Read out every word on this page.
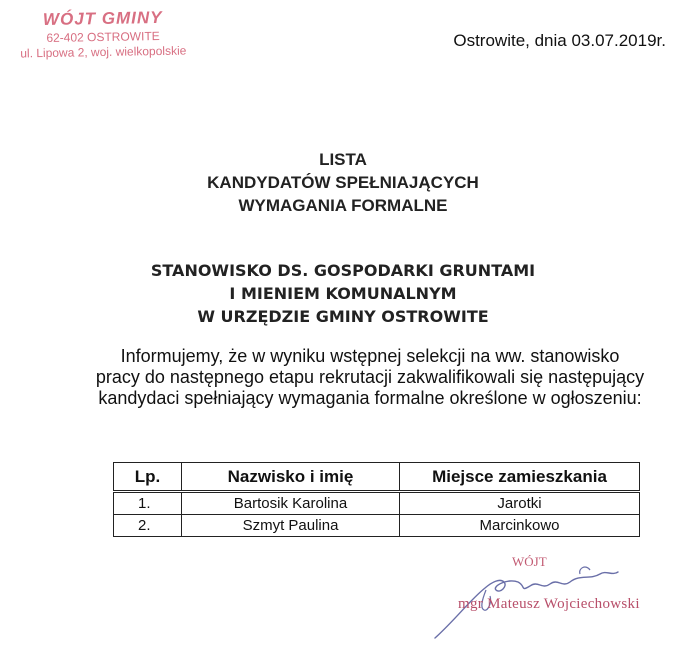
WÓJT GMINY
62-402 OSTROWITE
ul. Lipowa 2, woj. wielkopolskie
Ostrowite, dnia 03.07.2019r.
LISTA
KANDYDATÓW SPEŁNIAJĄCYCH
WYMAGANIA FORMALNE
STANOWISKO DS. GOSPODARKI GRUNTAMI
I MIENIEM KOMUNALNYM
W URZĘDZIE GMINY OSTROWITE
Informujemy, że w wyniku wstępnej selekcji na ww. stanowisko
pracy do następnego etapu rekrutacji zakwalifikowali się następujący
kandydaci spełniający wymagania formalne określone w ogłoszeniu:
Lp.	Nazwisko i imię	Miejsce zamieszkania
1.	Bartosik Karolina	Jarotki
2.	Szmyt Paulina	Marcinkowo
WÓJT
mgr Mateusz Wojciechowski
